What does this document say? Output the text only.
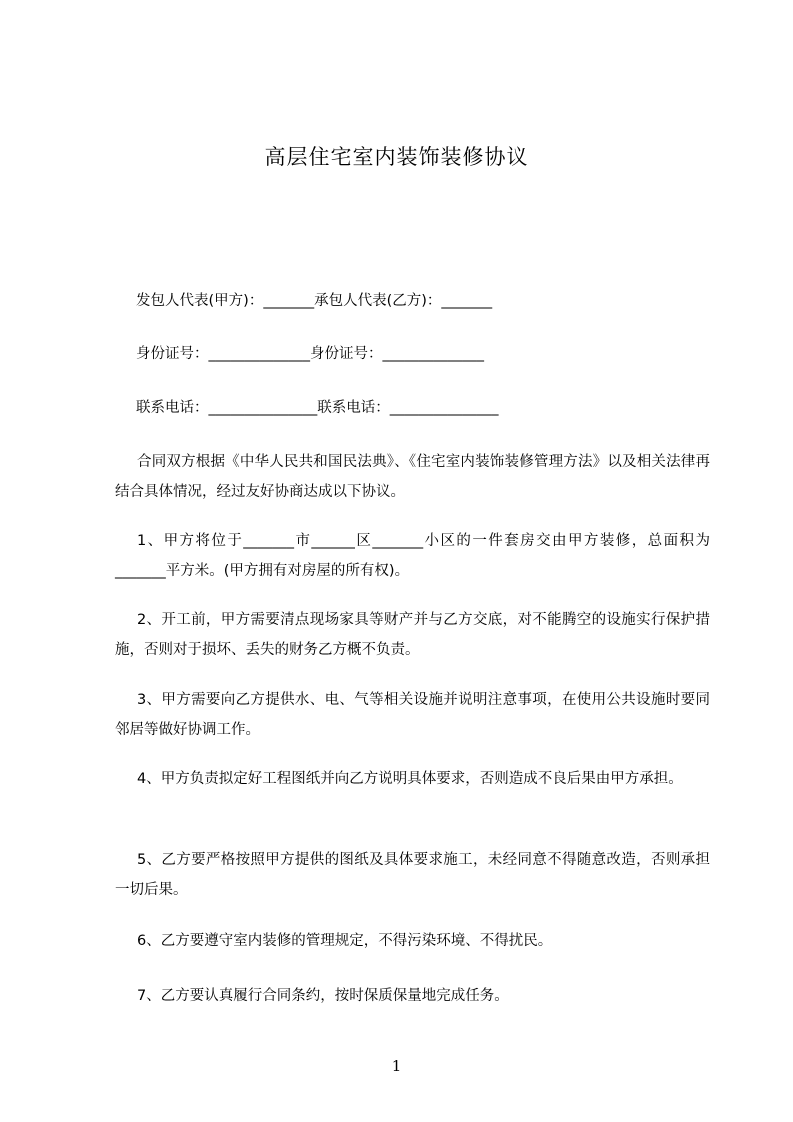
高层住宅室内装饰装修协议
发包人代表(甲方)：_______承包人代表(乙方)：_______
身份证号：______________身份证号：______________
联系电话：_______________联系电话：_______________
合同双方根据《中华人民共和国民法典》、《住宅室内装饰装修管理方法》以及相关法律再结合具体情况，经过友好协商达成以下协议。
1、甲方将位于_______市______区_______小区的一件套房交由甲方装修，总面积为_______平方米。(甲方拥有对房屋的所有权)。
2、开工前，甲方需要清点现场家具等财产并与乙方交底，对不能腾空的设施实行保护措施，否则对于损坏、丢失的财务乙方概不负责。
3、甲方需要向乙方提供水、电、气等相关设施并说明注意事项，在使用公共设施时要同邻居等做好协调工作。
4、甲方负责拟定好工程图纸并向乙方说明具体要求，否则造成不良后果由甲方承担。
5、乙方要严格按照甲方提供的图纸及具体要求施工，未经同意不得随意改造，否则承担一切后果。
6、乙方要遵守室内装修的管理规定，不得污染环境、不得扰民。
7、乙方要认真履行合同条约，按时保质保量地完成任务。
1
